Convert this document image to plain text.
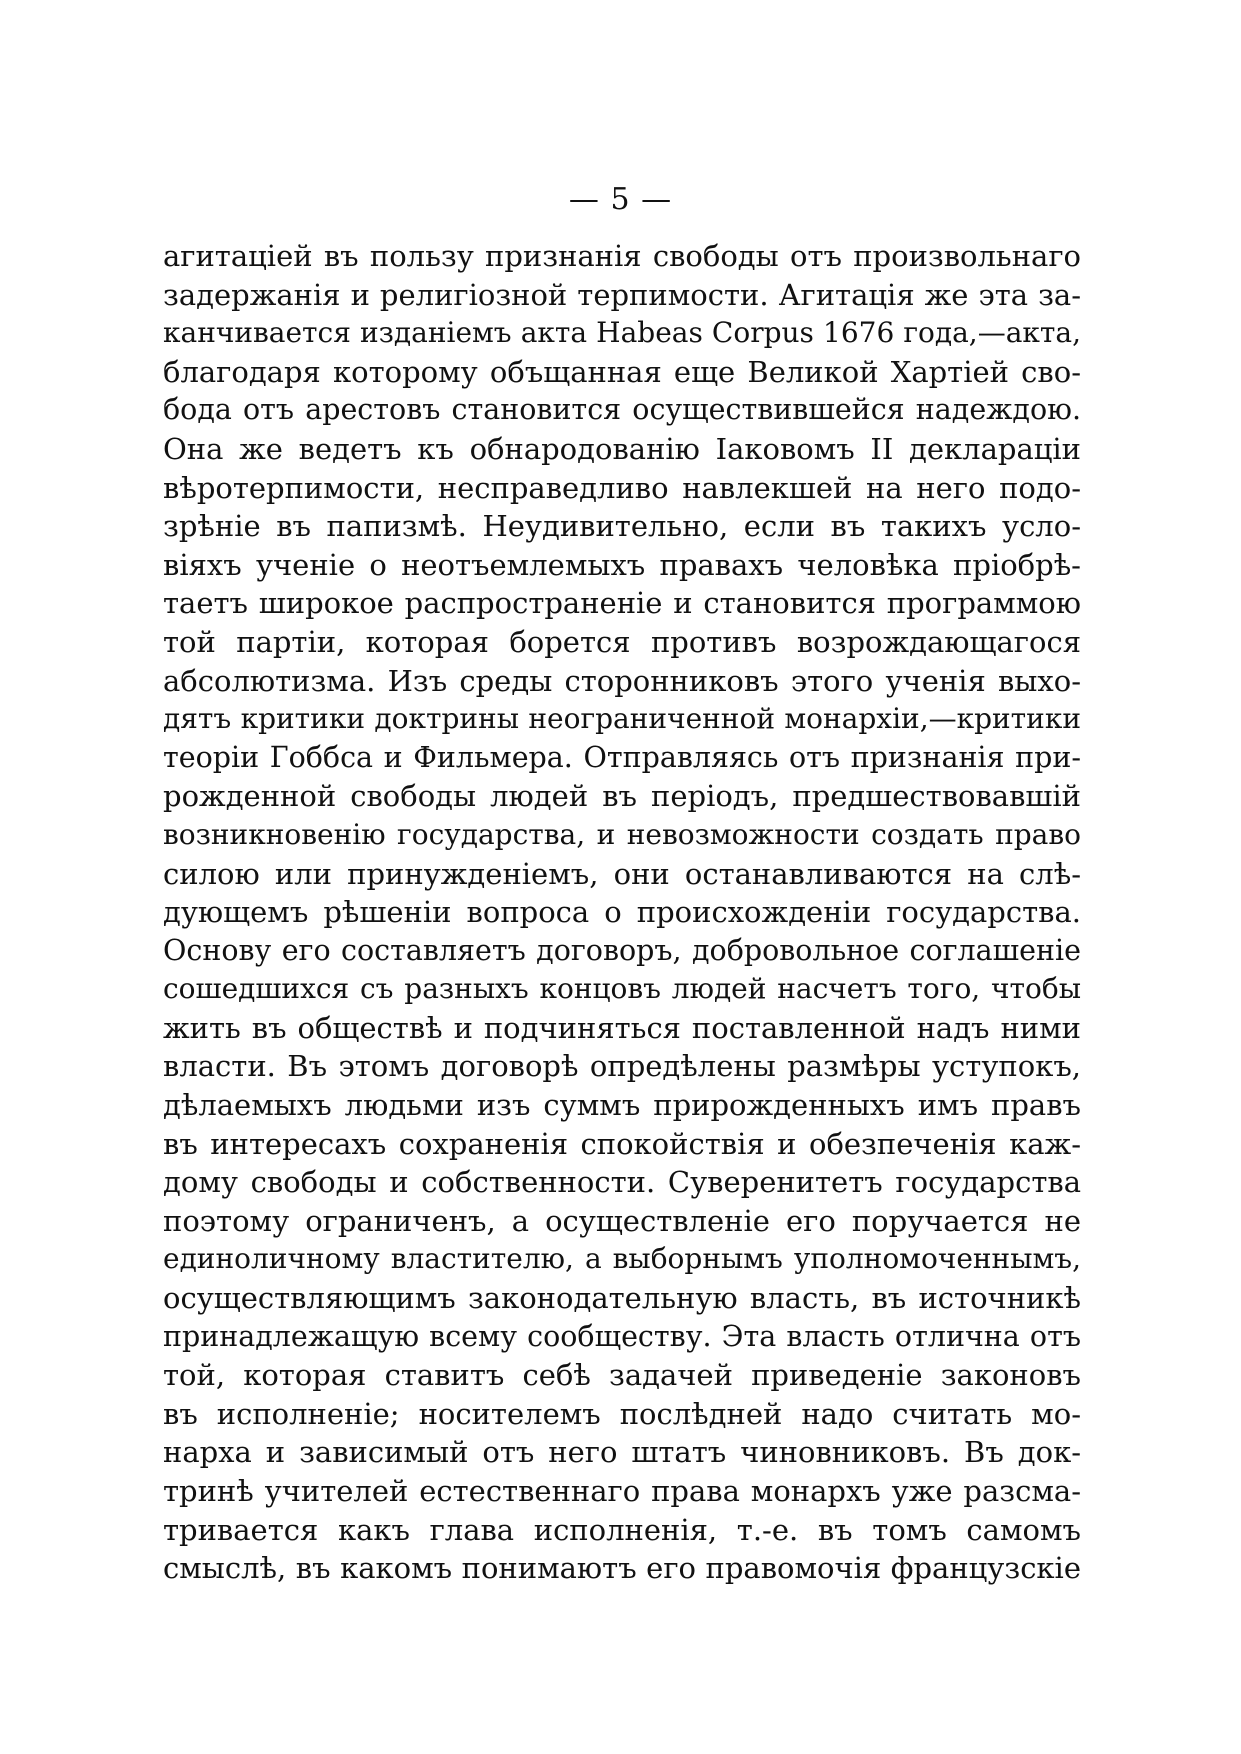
— 5 —
агитаціей въ пользу признанія свободы отъ произвольнаго
задержанія и религіозной терпимости. Агитація же эта за-
канчивается изданіемъ акта Habeas Corpus 1676 года,—акта,
благодаря которому объщанная еще Великой Хартіей сво-
бода отъ арестовъ становится осуществившейся надеждою.
Она же ведетъ къ обнародованію Іаковомъ II деклараціи
вѣротерпимости, несправедливо навлекшей на него подо-
зрѣніе въ папизмѣ. Неудивительно, если въ такихъ усло-
віяхъ ученіе о неотъемлемыхъ правахъ человѣка пріобрѣ-
таетъ широкое распространеніе и становится программою
той партіи, которая борется противъ возрождающагося
абсолютизма. Изъ среды сторонниковъ этого ученія выхо-
дятъ критики доктрины неограниченной монархіи,—критики
теоріи Гоббса и Фильмера. Отправляясь отъ признанія при-
рожденной свободы людей въ періодъ, предшествовавшій
возникновенію государства, и невозможности создать право
силою или принужденіемъ, они останавливаются на слѣ-
дующемъ рѣшеніи вопроса о происхожденіи государства.
Основу его составляетъ договоръ, добровольное соглашеніе
сошедшихся съ разныхъ концовъ людей насчетъ того, чтобы
жить въ обществѣ и подчиняться поставленной надъ ними
власти. Въ этомъ договорѣ опредѣлены размѣры уступокъ,
дѣлаемыхъ людьми изъ суммъ прирожденныхъ имъ правъ
въ интересахъ сохраненія спокойствія и обезпеченія каж-
дому свободы и собственности. Суверенитетъ государства
поэтому ограниченъ, а осуществленіе его поручается не
единоличному властителю, а выборнымъ уполномоченнымъ,
осуществляющимъ законодательную власть, въ источникѣ
принадлежащую всему сообществу. Эта власть отлична отъ
той, которая ставитъ себѣ задачей приведеніе законовъ
въ исполненіе; носителемъ послѣдней надо считать мо-
нарха и зависимый отъ него штатъ чиновниковъ. Въ док-
тринѣ учителей естественнаго права монархъ уже разсма-
тривается какъ глава исполненія, т.-е. въ томъ самомъ
смыслѣ, въ какомъ понимаютъ его правомочія французскіе
